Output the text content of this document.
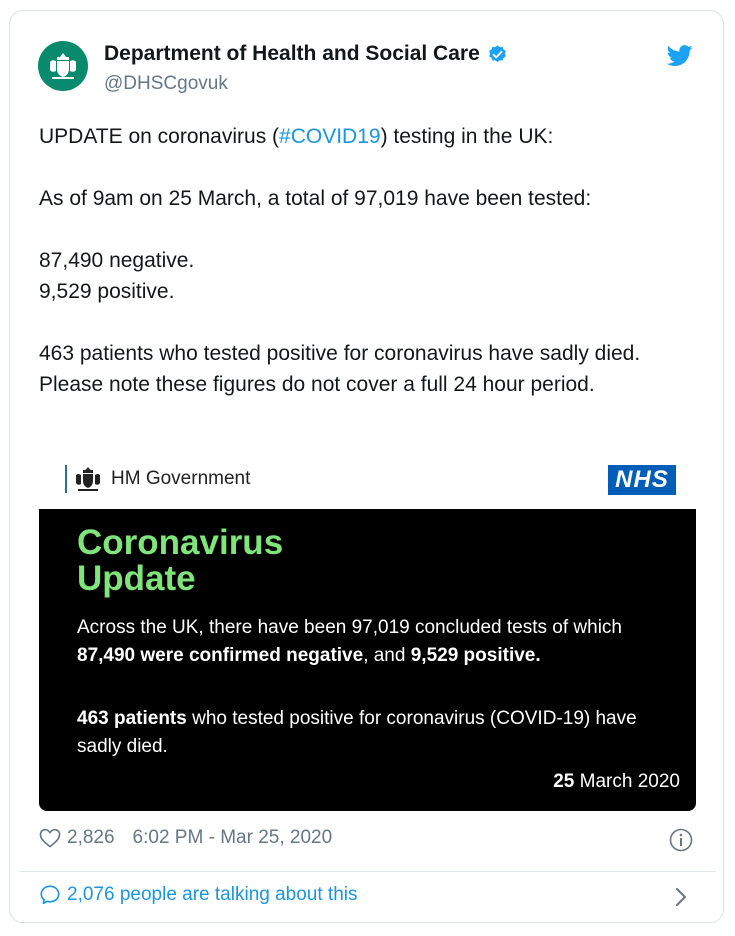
Department of Health and Social Care
@DHSCgovuk

UPDATE on coronavirus (#COVID19) testing in the UK:

As of 9am on 25 March, a total of 97,019 have been tested:

87,490 negative.

9,529 positive.

463 patients who tested positive for coronavirus have sadly died. Please note these figures do not cover a full 24 hour period.

HM Government	NHS
Coronavirus
Update
Across the UK, there have been 97,019 concluded tests of which 87,490 were confirmed negative, and 9,529 positive.
463 patients who tested positive for coronavirus (COVID-19) have sadly died.
25 March 2020
2,826 6:02 PM - Mar 25, 2020
2,076 people are talking about this
